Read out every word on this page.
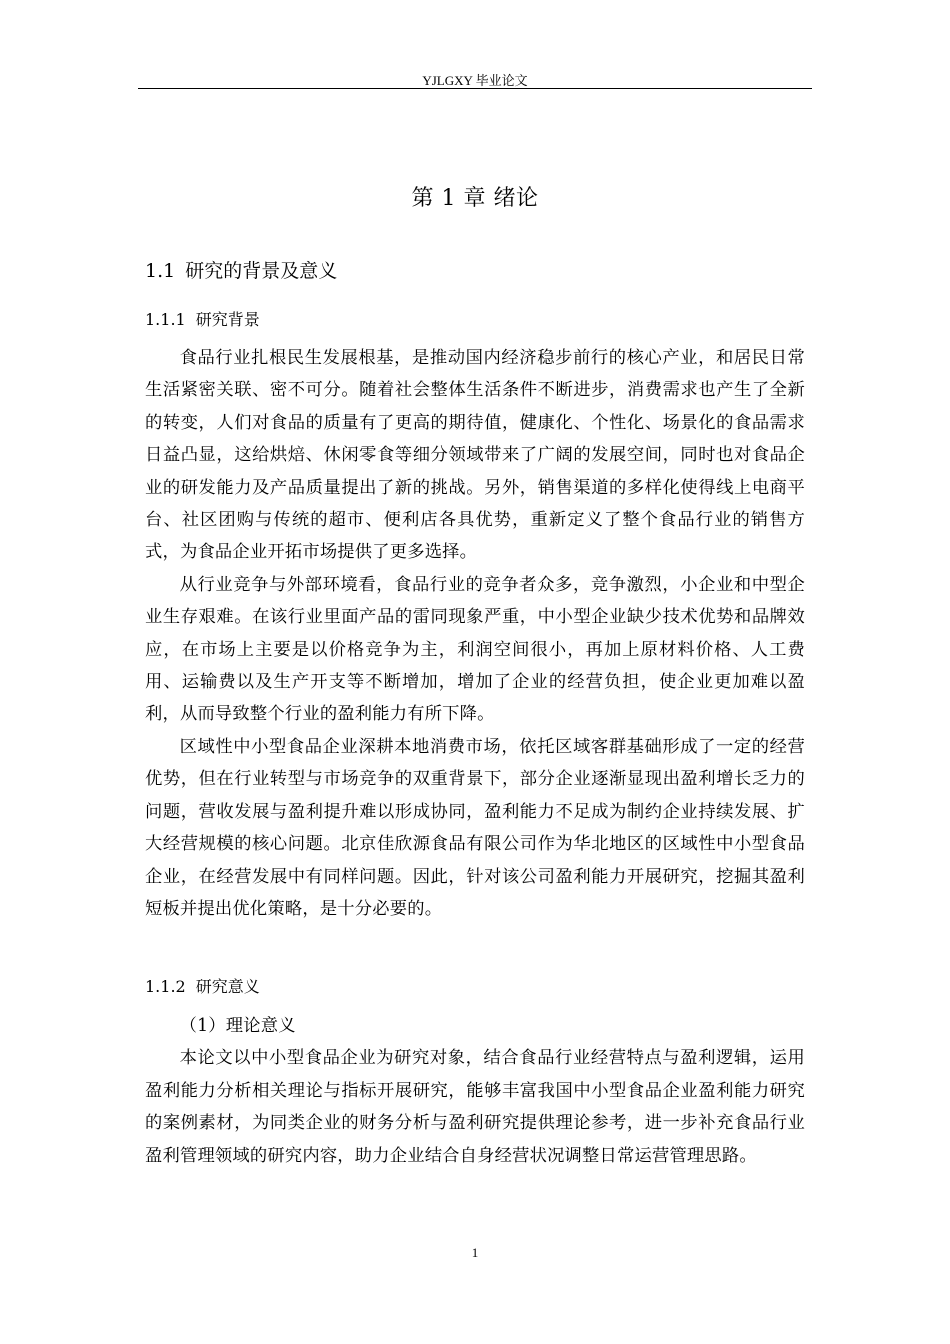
YJLGXY 毕业论文
第 1 章 绪论
1.1 研究的背景及意义
1.1.1 研究背景

食品行业扎根民生发展根基，是推动国内经济稳步前行的核心产业，和居民日常生活紧密关联、密不可分。随着社会整体生活条件不断进步，消费需求也产生了全新的转变，人们对食品的质量有了更高的期待值，健康化、个性化、场景化的食品需求日益凸显，这给烘焙、休闲零食等细分领域带来了广阔的发展空间，同时也对食品企业的研发能力及产品质量提出了新的挑战。另外，销售渠道的多样化使得线上电商平台、社区团购与传统的超市、便利店各具优势，重新定义了整个食品行业的销售方式，为食品企业开拓市场提供了更多选择。

从行业竞争与外部环境看，食品行业的竞争者众多，竞争激烈，小企业和中型企业生存艰难。在该行业里面产品的雷同现象严重，中小型企业缺少技术优势和品牌效应，在市场上主要是以价格竞争为主，利润空间很小，再加上原材料价格、人工费用、运输费以及生产开支等不断增加，增加了企业的经营负担，使企业更加难以盈利，从而导致整个行业的盈利能力有所下降。

区域性中小型食品企业深耕本地消费市场，依托区域客群基础形成了一定的经营优势，但在行业转型与市场竞争的双重背景下，部分企业逐渐显现出盈利增长乏力的问题，营收发展与盈利提升难以形成协同，盈利能力不足成为制约企业持续发展、扩大经营规模的核心问题。北京佳欣源食品有限公司作为华北地区的区域性中小型食品企业，在经营发展中有同样问题。因此，针对该公司盈利能力开展研究，挖掘其盈利短板并提出优化策略，是十分必要的。

1.1.2 研究意义

（1）理论意义

本论文以中小型食品企业为研究对象，结合食品行业经营特点与盈利逻辑，运用盈利能力分析相关理论与指标开展研究，能够丰富我国中小型食品企业盈利能力研究的案例素材，为同类企业的财务分析与盈利研究提供理论参考，进一步补充食品行业盈利管理领域的研究内容，助力企业结合自身经营状况调整日常运营管理思路。

1
